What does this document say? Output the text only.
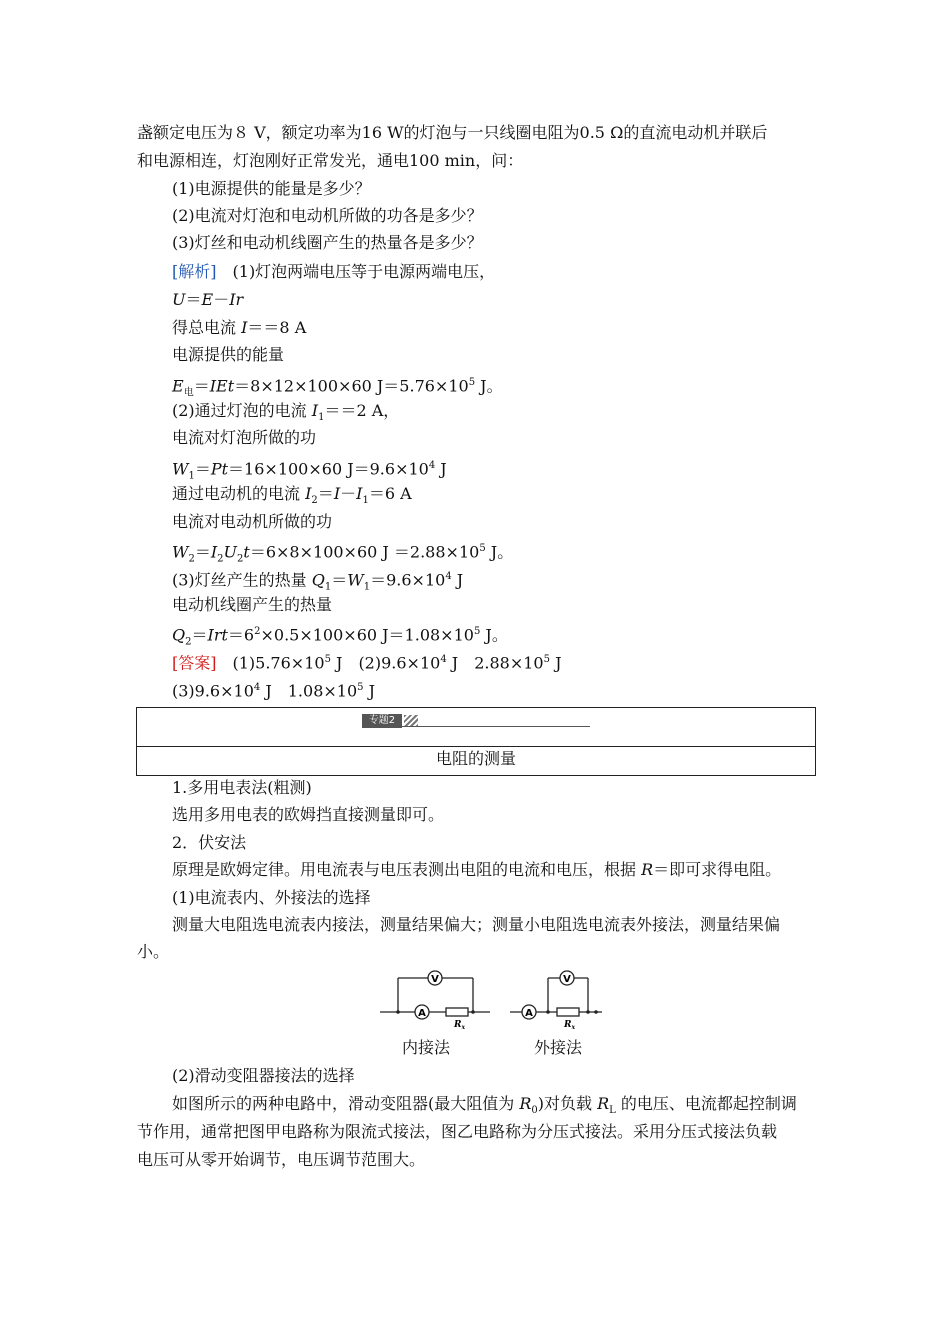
盏额定电压为８ V，额定功率为16 W的灯泡与一只线圈电阻为0.5 Ω的直流电动机并联后
和电源相连，灯泡刚好正常发光，通电100 min，问：
(1)电源提供的能量是多少？
(2)电流对灯泡和电动机所做的功各是多少？
(3)灯丝和电动机线圈产生的热量各是多少？
[解析]　 (1)灯泡两端电压等于电源两端电压，
U＝E－Ir
得总电流 I＝＝8 A
电源提供的能量
$E_电=IEt=8\times 12\times 100\times 60$ $J=5.76\times 10^5$ J。
(2)通过灯泡的电流 $I_1==2$ A，
电流对灯泡所做的功
$W_1=Pt=16\times 100\times 60$ $J=9.6\times 10^4$ J
通过电动机的电流 $I_2=I-I_1=6$ A
电流对电动机所做的功
$W_2=I_2U_2t=6\times 8\times 100\times 60$ $J =2.88\times 10^5$ J。
(3)灯丝产生的热量 $Q_1=W_1=9.6\times 10^4$ J
电动机线圈产生的热量
$Q_2=Irt=6^2\times 0.5\times 100\times 60$ $J=1.08\times 10^5$ J。
[答案]　$(1)5.76\times 10^5$ J　$(2)9.6\times 10^4$ J　$2.88\times 10^5$ J
$(3)9.6\times 10^4$ J　$1.08\times 10^5$ J
专题2
电阻的测量
1.多用电表法(粗测)
选用多用电表的欧姆挡直接测量即可。
2．伏安法
原理是欧姆定律。用电流表与电压表测出电阻的电流和电压，根据 R＝即可求得电阻。
(1)电流表内、外接法的选择
测量大电阻选电流表内接法，测量结果偏大；测量小电阻选电流表外接法，测量结果偏
小。
V
A
$R_x$
V
A
$R_x$
内接法	外接法
(2)滑动变阻器接法的选择
如图所示的两种电路中，滑动变阻器(最大阻值为 $R_0$)对负载 $R_L$ 的电压、电流都起控制调
节作用，通常把图甲电路称为限流式接法，图乙电路称为分压式接法。采用分压式接法负载
电压可从零开始调节，电压调节范围大。
